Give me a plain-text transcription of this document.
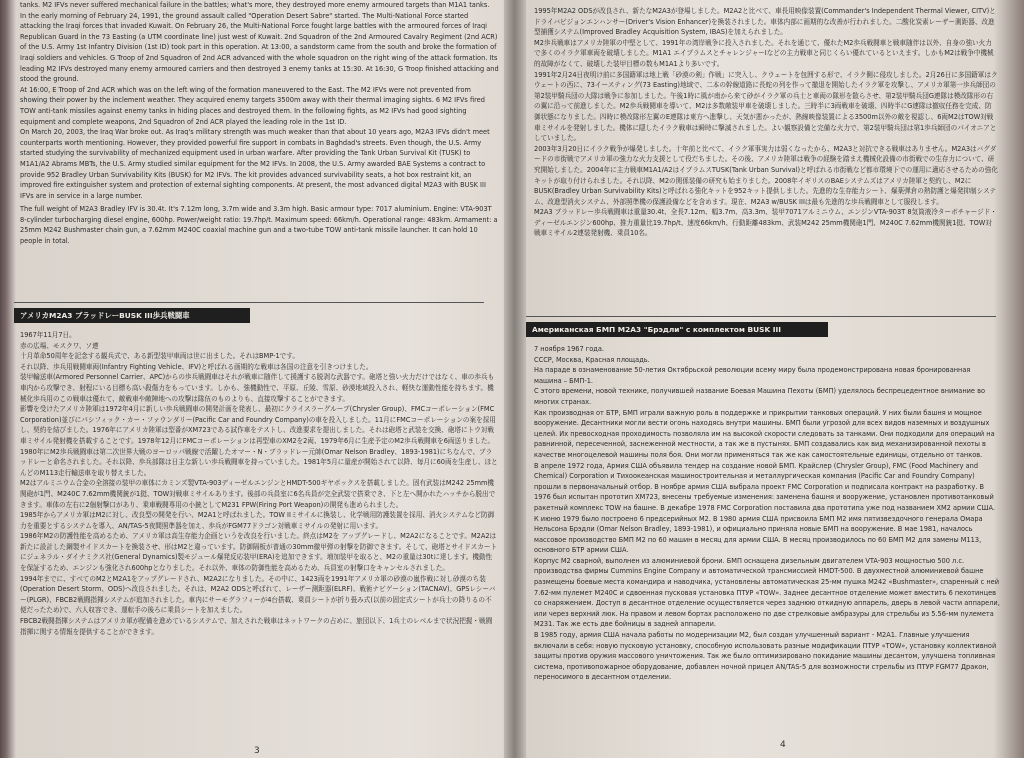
tanks. M2 IFVs never suffered mechanical failure in the battles; what's more, they destroyed more enemy armoured targets than M1A1 tanks.

In the early morning of February 24, 1991, the ground assault called "Operation Desert Sabre" started. The Multi-National Force started attacking the Iraqi forces that invaded Kuwait. On February 26, the Multi-National Force fought large battles with the armoured forces of Iraqi Republican Guard in the 73 Easting (a UTM coordinate line) just west of Kuwait. 2nd Squadron of the 2nd Armoured Cavalry Regiment (2nd ACR) of the U.S. Army 1st Infantry Division (1st ID) took part in this operation. At 13:00, a sandstorm came from the south and broke the formation of Iraqi soldiers and vehicles. G Troop of 2nd Squadron of 2nd ACR advanced with the whole squadron on the right wing of the attack formation. Its leading M2 IFVs destroyed many enemy armoured carriers and then destroyed 3 enemy tanks at 15:30. At 16:30, G Troop finished attacking and stood the ground.

At 16:00, E Troop of 2nd ACR which was on the left wing of the formation maneuvered to the East. The M2 IFVs were not prevented from showing their power by the inclement weather. They acquired enemy targets 3500m away with their thermal imaging sights. 6 M2 IFVs fired TOW anti-tank missiles against enemy tanks in hiding places and destroyed them. In the following fights, as M2 IFVs had good sighting equipment and complete weapons, 2nd Squadron of 2nd ACR played the leading role in the 1st ID.

On March 20, 2003, the Iraq War broke out. As Iraq's military strength was much weaker than that about 10 years ago, M2A3 IFVs didn't meet counterparts worth mentioning. However, they provided powerful fire support in combats in Baghdad's streets. Even though, the U.S. Army started studying the survivability of mechanized equipment used in urban warfare. After providing the Tank Urban Survival Kit (TUSK) to M1A1/A2 Abrams MBTs, the U.S. Army studied similar equipment for the M2 IFVs. In 2008, the U.S. Army awarded BAE Systems a contract to provide 952 Bradley Urban Survivability Kits (BUSK) for M2 IFVs. The kit provides advanced survivability seats, a hot box restraint kit, an improved fire extinguisher system and protection of external sighting components. At present, the most advanced digital M2A3 with BUSK III IFVs are in service in a large number.

The full weight of M2A3 Bradley IFV is 30.4t. It's 7.12m long, 3.7m wide and 3.3m high. Basic armour type: 7017 aluminium. Engine: VTA-903T 8-cylinder turbocharging diesel engine, 600hp. Power/weight ratio: 19.7hp/t. Maximum speed: 66km/h. Operational range: 483km. Armament: a 25mm M242 Bushmaster chain gun, a 7.62mm M240C coaxial machine gun and a two-tube TOW anti-tank missile launcher. It can hold 10 people in total.

アメリカM2A3 ブラッドレーBUSK III歩兵戦闘車

1967年11月7日。

赤の広場、モスクワ、ソ連

十月革命50周年を記念する観兵式で、ある新型装甲車両は世に出ました。それはBMP-1です。

それ以降、歩兵用戦闘車両(Infantry Fighting Vehicle、IFV)と呼ばれる画期的な戦車は各国の注意を引きつけました。

装甲輸送車(Armored Personnel Carrier、APC)からの歩兵戦闘車はそれが戦車に随伴して援護する脱剥な武器です。砲塔と強い火力だけではなく、車の歩兵も車内から攻撃でき、射程にいる目標も高い殺傷力をもっています。しかも、強機動性で、平原、丘陵、雪原、砂漠地域投入され、軽快な運動性能を持ちます。機械化歩兵用のこの戦車は優れて、敵戦車や敵陣地への攻撃は隊伍のものよりも、直接攻撃することができます。

影響を受けたアメリカ陸軍は1972年4月に新しい歩兵戦闘車の開発計画を発表し、最初にクライスラーグループ(Chrysler Group)、FMCコーポレーション(FMC Corporation)並びにパシフィック・カー・ファウンダリー(Pacific Car and Foundry Company)の車を投入しました。11月にFMCコーポレーションの案を採用し、契約を結びました。1976年にアメリカ陸軍は型番がXM723である試作車をテストし、改進要求を提出しました。それは砲塔と武装を交換、砲塔にトウ対戦車ミサイル発射機を搭載することです。1978年12月にFMCコーポレーションは再型車のXM2を2両、1979年6月に生産予定のM2歩兵戦闘車を6両送りました。1980年にM2歩兵戦闘車は第二次世界大戦のヨーロッパ戦線で活躍したオマー・N・ブラッドレー元帥(Omar Nelson Bradley、1893-1981)にちなんで、ブラッドレーと命名されました。それ以降、歩兵部隊は日主な新しい歩兵戦闘車を持っていました。1981年5月に量産が開始されて以降、毎月に60両を生産し、ほとんどのM113走行輸送車を取り替えました。

M2はアルミニウム合金の全溶接の装甲の車体にカミンズ製VTA-903ディーゼルエンジンとHMDT-500ギヤボックスを搭載しました。固有武装はM242 25mm機関砲が1門、M240C 7.62mm機関銃が1挺、TOW対戦車ミサイルあります。後部の兵員室に6名兵員が完全武装で搭乗でき、下と左へ開かれたハッチから脱出できます。車体の左右に2個射撃口があり、乗車戦闘専用の小銃としてM231 FPW(Firing Port Weapon)の開発も進められました。

1985年からアメリカ軍はM2に対し、改良型の開発を行い、M2A1と呼ばれました。TOW IIミサイルに換装し、化学戦用防護装置を採用、消火システムなど防御力を重要とするシステムを導入、AN/TAS-5夜間照準器を加え、歩兵がFGM77ドラゴン対戦車ミサイルの発射に用います。

1986年M2の防護性能を高めるため、アメリカ軍は高生存能力企画というを改良を行いました。終点はM2を アップグレードし、M2A2になることです。M2A2は新たに設計した鋼製サイドスカートを換装させ、形はM2と違っています。防御隔板が普通の30mm徹甲弾の射撃を防御できます。そして、砲塔とサイドスカートにジェネラル・ダイナミクス社(General Dynamics)製モジュール爆発反応装甲(ERA)を追加できます。増加装甲を取ると、M2の重量は30tに達します。機動性を保証するため、エンジンも強化され600hpとなりました。それ以外、車体の防御性能を高めるため、兵員室の射撃口をキャンセルされました。

1994年までに、すべてのM2とM2A1をアップグレードされ、M2A2になりました。その中に、1423両を1991年アメリカ軍の砂漠の嵐作戦に対し砂漠のち装(Operation Desert Storm、ODS)へ改良されました。それは、M2A2 ODSと呼ばれて、レーザー測距器(ELRF)、戦術ナビゲーション(TACNAV)、GPSレシーバー(PLGR)、FBCB2戦闘指揮システムが追加されました。車内にサーモグラフィーが4台搭載、乗員シートが折り畳み式(以前の固定式シートが兵士の降りるの不便だったため)で、六人収容でき、運転手の後ろに乗員シートを加えました。

FBCB2戦闘指揮システムはアメリカ軍が配備を進めているシステムで、加えされた戦車はネットワークの占めに、旅団以下、1兵士のレベルまで状況把握・戦闘指揮に関する情報を提供することができます。

3

1995年M2A2 ODSが改良され、新たなM2A3が登場しました。M2A2と比べて、車長用映像装置(Commander's Independent Thermal Viewer, CITV)とドライバビジョンエンハンサー(Driver's Vision Enhancer)を換装されました。車体内部に画期的な改善が行われました。二酸化炭素レーザー測距器、改進型捕獲システム(Improved Bradley Acquisition System, IBAS)を加えられました。

M2歩兵戦車はアメリカ陸軍の中堅として、1991年の湾岸戦争に投入されました。それを通じて、優れたM2歩兵戦闘車と戦車随伴は以外、自身の強い火力で多くのイラク軍車両を破壊しました。M1A1 エイブラムスとチャレンジャーⅠなどの主力戦車と同じくらい優れているといえます。しかもM2は戦争中機械的故障がなくて、破壊した装甲目標の数もM1A1より多いです。

1991年2月24日夜明け前に多国籍軍は地上戦「砂漠の剣」作戦」に突入し、クウェートを包囲する形で、イラク側に侵攻しました。2月26日に多国籍軍はクウェートの西に、73イースティング(73 Easting)地域で、二本の幹線道路に長蛇の列を作って撤退を開始したイラク軍を攻撃し、アメリカ軍第一歩兵師団の第2装甲騎兵団の大隊は戦争に参加しました。午後1時に風が南から来て砂がイラク軍の兵士と車両の隊形を散らさせ、第2装甲騎兵団G連隊は模改隊形の右の翼に沿って前進しました。M2歩兵戦闘車を導いて、M2は多数敵装甲車を破壊しました。三時半に3両戦車を破壊、四時半にG連隊は撤収任務を完成、防御状態になりました。四時に模改隊形左翼のE連隊は東方へ進撃し、天気が悪かったが、熱線映像装置による3500m以外の敵を視認し、6両M2はTOW対戦車ミサイルを発射しました。機体に隠したイラク戦車は瞬時に撃滅されました。よい観察設備と完備な火力で、第2装甲騎兵団は第1歩兵師団のパイオニアとしていました。

2003年3月20日にイラク戦争が爆発しました。十年前と比べて、イラク軍事実力は弱くなったから、M2A3と対抗できる戦車はありません。M2A3はバグダードの市街戦でアメリカ軍の強力な火力支援として役だちました。その後、アメリカ陸軍は戦争の経験を踏まえ機械化設備の市街戦での生存力について、研究開始しました。2004年に主力戦車M1A1/A2はイブラムスTUSK(Tank Urban Survival)と呼ばれる市街戦など都市環境下での運用に適応させるための強化キットが取り付けられました。それ以降、M2の関係装備の研究も始まりました。2008年イギリスのBAEシステムズはアメリカ陸軍と契約し、M2にBUSK(Bradley Urban Survivability Kits)と呼ばれる強化キットを952キット提供しました。先進的な生存能力シート、爆薬弾倉の熱防護と爆発抑制システム、改進型消火システム、外部照準機の保護設備などを含めます。現在、M2A3 w/BUSK IIIは最も先進的な歩兵戦闘車として服役します。

M2A3 ブラッドレー歩兵戦闘車は重量30.4t、全長7.12m、幅3.7m、高3.3m、装甲7071アルミニウム、エンジンVTA-903T 8気筒液冷ターボチャージド・ディーゼルエンジン600hp、推力重量比19.7hp/t、速度66km/h、行動距離483km、武装M242 25mm機関砲1門、M240C 7.62mm機関銃1挺、TOW対戦車ミサイル2連装発射機、乗員10名。

Американская БМП М2А3 "Брэдли" с комплектом BUSK III

7 ноября 1967 года.

СССР, Москва, Красная площадь.

На параде в ознаменование 50-летия Октябрьской революции всему миру была продемонстрирована новая бронированная машина – БМП-1.

С этого времени, новой технике, получившей название Боевая Машина Пехоты (БМП) уделялось беспрецедентное внимание во многих странах.

Как производная от БТР, БМП играли важную роль в поддержке и прикрытии танковых операций. У них были башня и мощное вооружение. Десантники могли вести огонь находясь внутри машины. БМП были угрозой для всех видов наземных и воздушных целей. Их превосходная проходимость позволяла им на высокой скорости следовать за танками. Они подходили для операций на равнинной, пересеченной, заснеженной местности, а так же в пустынях. БМП создавались как вид механизированной пехоты в качестве многоцелевой машины поля боя. Они могли применяться так же как самостоятельные единицы, отдельно от танков.

В апреле 1972 года, Армия США объявила тендер на создание новой БМП. Крайслер (Chrysler Group), FMC (Food Machinery and Chemical) Corporation и Тихоокеанская машиностроительная и металлургическая компания (Pacific Car and Foundry Company) прошли в первоначальный отбор. В ноябре армия США выбрала проект FMC Corporation и подписала контракт на разработку. В 1976 был испытан прототип XM723, внесены требуемые изменения: заменена башня и вооружение, установлен противотанковый ракетный комплекс TOW на башне. В декабре 1978 FMC Corporation поставила два прототипа уже под названием XM2 армии США. К июню 1979 было построено 6 предсерийных M2. В 1980 армия США присвоила БМП M2 имя пятизвездочного генерала Омара Нельсона Брэдли (Omar Nelson Bradley, 1893-1981), и официально приняла новые БМП на вооружение. В мае 1981, началось массовое производство БМП M2 по 60 машин в месяц для армии США. В месяц производилось по 60 БМП M2 для замены M113, основного БТР армии США.

Корпус M2 сварной, выполнен из алюминиевой брони. БМП оснащена дизельным двигателем VTA-903 мощностью 500 л.с. производства фирмы Cummins Engine Company и автоматической трансмиссией HMDT-500. В двухместной алюминиевой башне размещены боевые места командира и наводчика, установлены автоматическая 25-мм пушка M242 «Bushmaster», спаренный с ней 7.62-мм пулемет M240C и сдвоенная пусковая установка ПТУР «TOW». Заднее десантное отделение может вместить 6 пехотинцев со снаряжением. Доступ в десантное отделение осуществляется через заднюю откидную аппарель, дверь в левой части аппарели, или через верхний люк. На правом и левом бортах расположено по две стрелковые амбразуры для стрельбы из 5.56-мм пулемета M231. Так же есть две бойницы в задней аппарели.

В 1985 году, армия США начала работы по модернизации M2, был создан улучшенный вариант - M2A1. Главные улучшения включали в себя: новую пусковую установку, способную использовать разные модификации ПТУР «TOW», установку коллективной защиты против оружия массового уничтожения. Так же было оптимизировано покидание машины десантом, улучшена топливная система, противопожарное оборудование, добавлен ночной прицел AN/TAS-5 для возможности стрельбы из ПТУР FGM77 Дракон, переносимого в десантном отделении.

4
